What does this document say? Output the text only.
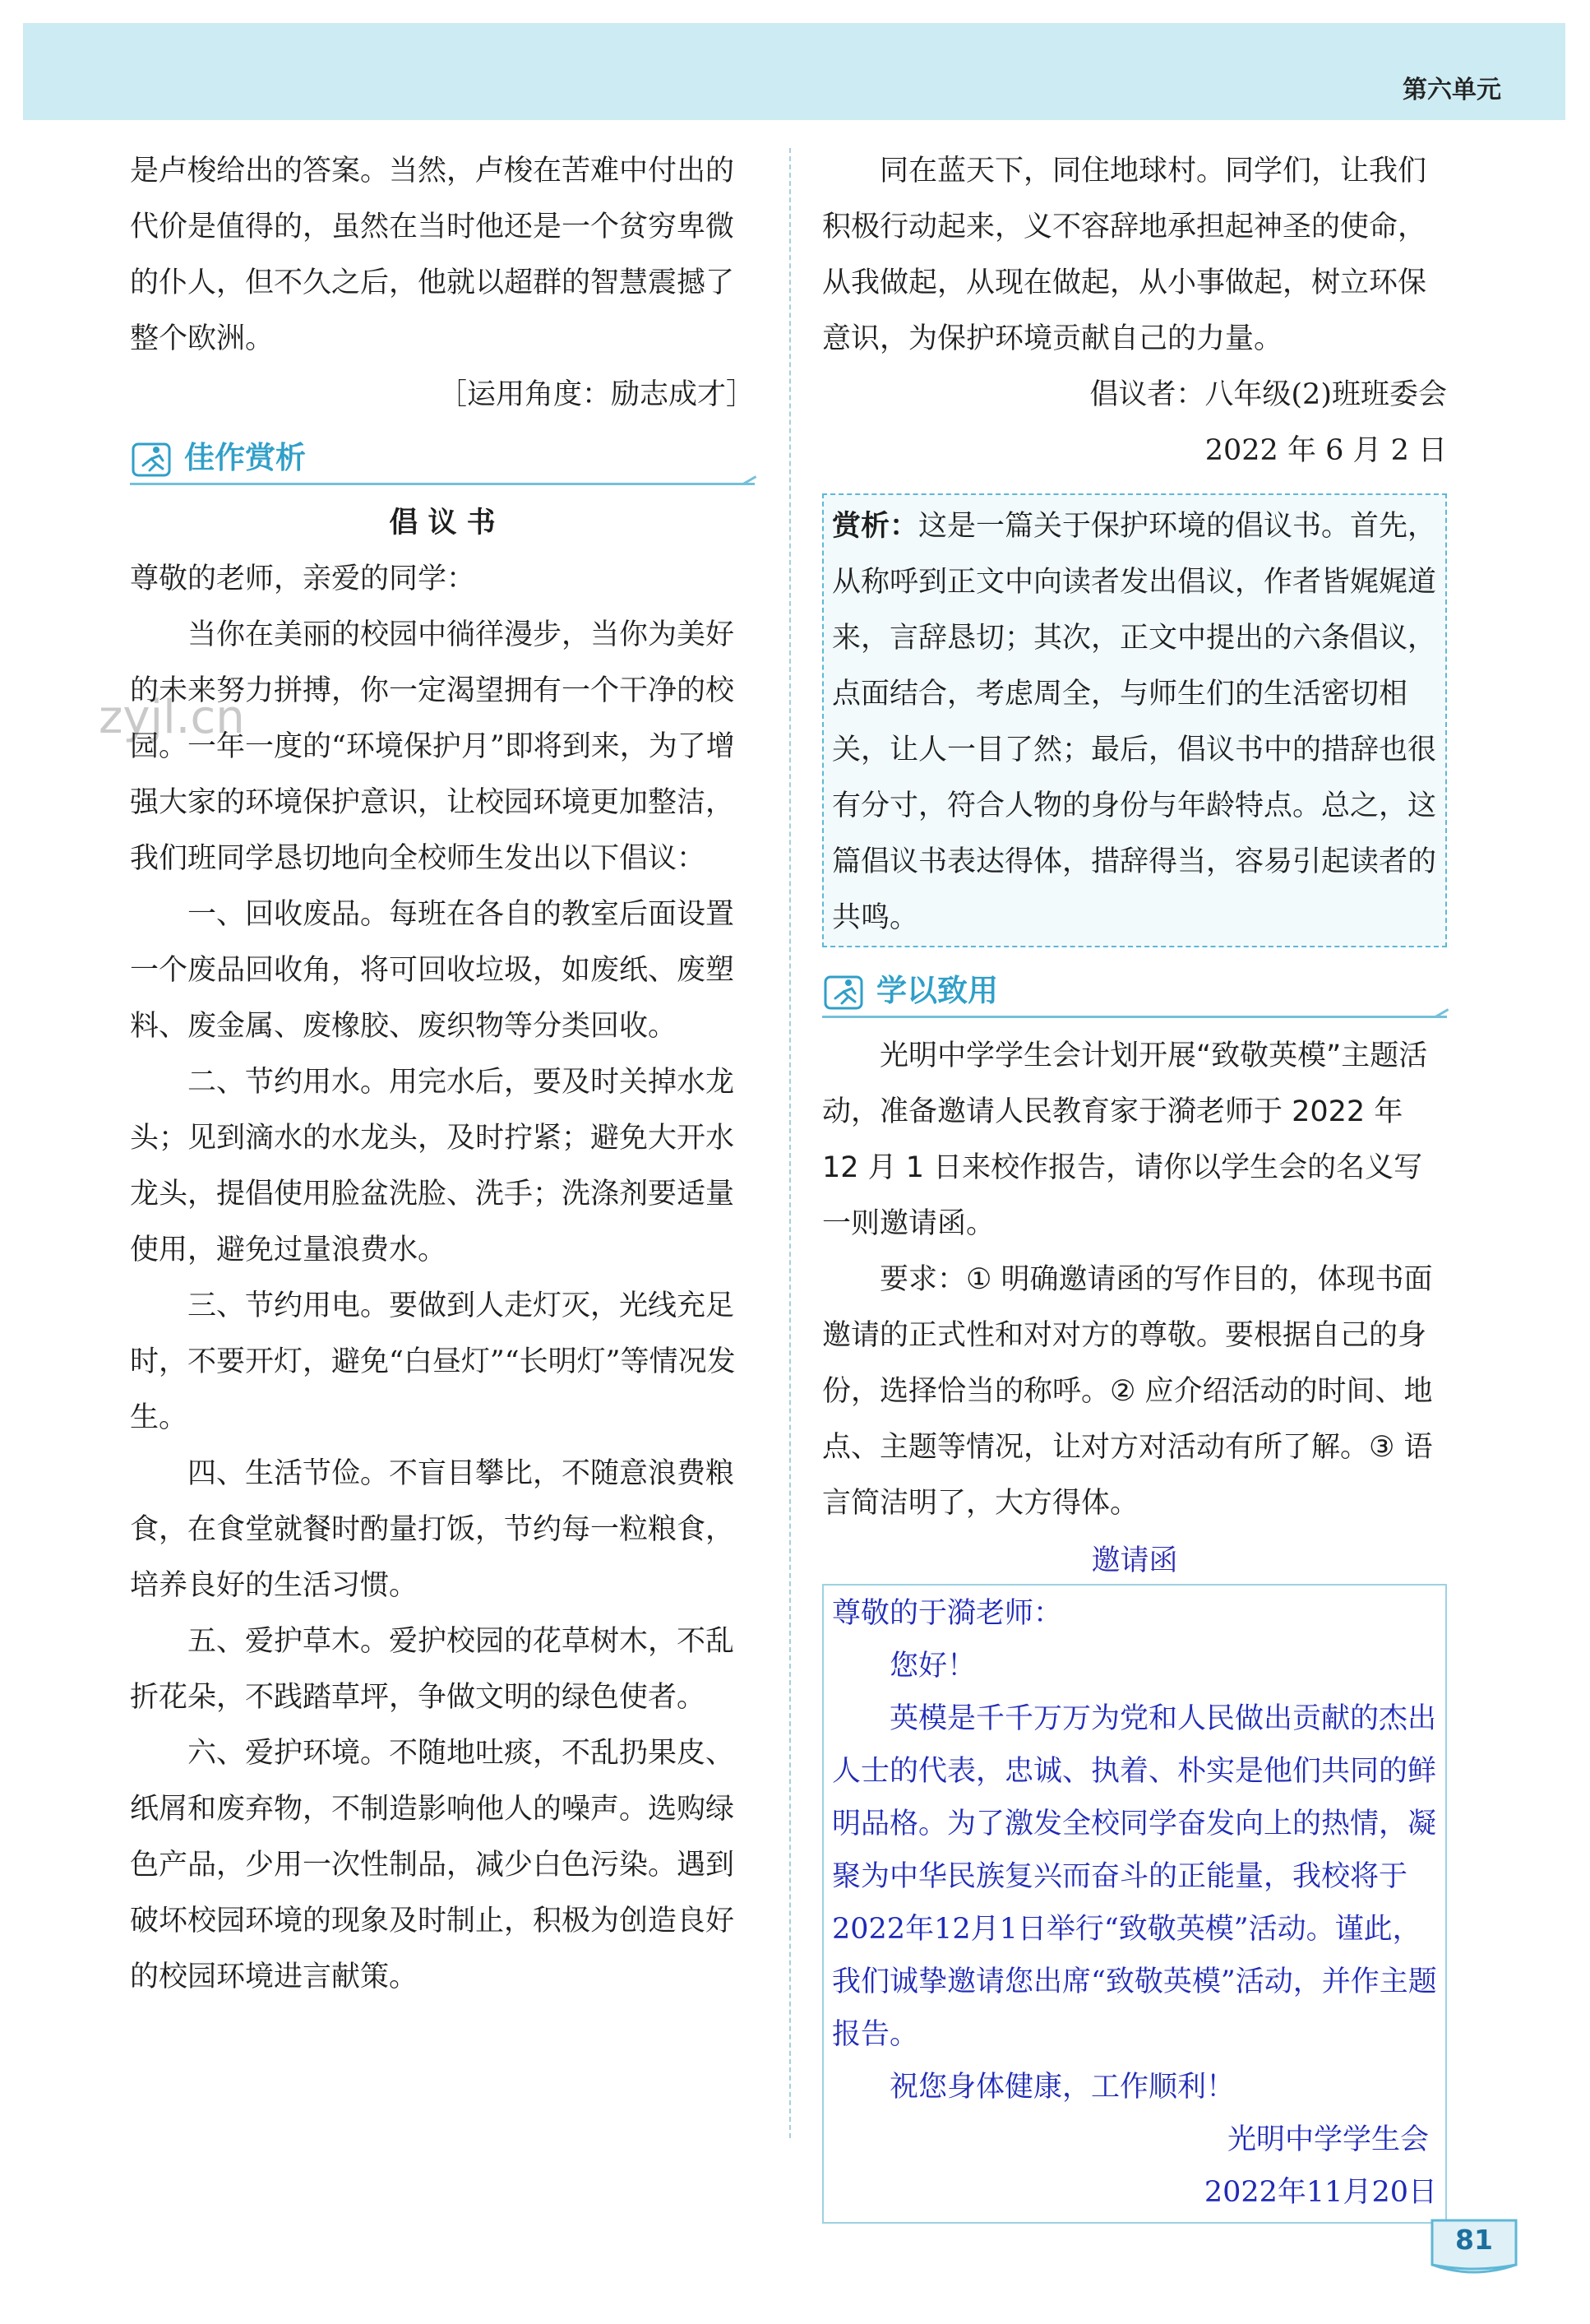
第六单元
zyjl.cn

是卢梭给出的答案。当然，卢梭在苦难中付出的代价是值得的，虽然在当时他还是一个贫穷卑微的仆人，但不久之后，他就以超群的智慧震撼了整个欧洲。

［运用角度：励志成才］

佳作赏析

倡 议 书

尊敬的老师，亲爱的同学：

当你在美丽的校园中徜徉漫步，当你为美好的未来努力拼搏，你一定渴望拥有一个干净的校园。一年一度的“环境保护月”即将到来，为了增强大家的环境保护意识，让校园环境更加整洁，我们班同学恳切地向全校师生发出以下倡议：

一、回收废品。每班在各自的教室后面设置一个废品回收角，将可回收垃圾，如废纸、废塑料、废金属、废橡胶、废织物等分类回收。

二、节约用水。用完水后，要及时关掉水龙头；见到滴水的水龙头，及时拧紧；避免大开水龙头，提倡使用脸盆洗脸、洗手；洗涤剂要适量使用，避免过量浪费水。

三、节约用电。要做到人走灯灭，光线充足时，不要开灯，避免“白昼灯”“长明灯”等情况发生。

四、生活节俭。不盲目攀比，不随意浪费粮食，在食堂就餐时酌量打饭，节约每一粒粮食，培养良好的生活习惯。

五、爱护草木。爱护校园的花草树木，不乱折花朵，不践踏草坪，争做文明的绿色使者。

六、爱护环境。不随地吐痰，不乱扔果皮、纸屑和废弃物，不制造影响他人的噪声。选购绿色产品，少用一次性制品，减少白色污染。遇到破坏校园环境的现象及时制止，积极为创造良好的校园环境进言献策。

同在蓝天下，同住地球村。同学们，让我们积极行动起来，义不容辞地承担起神圣的使命，从我做起，从现在做起，从小事做起，树立环保意识，为保护环境贡献自己的力量。

倡议者：八年级(2)班班委会

2022 年 6 月 2 日

赏析：这是一篇关于保护环境的倡议书。首先，从称呼到正文中向读者发出倡议，作者皆娓娓道来，言辞恳切；其次，正文中提出的六条倡议，点面结合，考虑周全，与师生们的生活密切相关，让人一目了然；最后，倡议书中的措辞也很有分寸，符合人物的身份与年龄特点。总之，这篇倡议书表达得体，措辞得当，容易引起读者的共鸣。

学以致用

光明中学学生会计划开展“致敬英模”主题活动，准备邀请人民教育家于漪老师于 2022 年 12 月 1 日来校作报告，请你以学生会的名义写一则邀请函。

要求：① 明确邀请函的写作目的，体现书面邀请的正式性和对对方的尊敬。要根据自己的身份，选择恰当的称呼。② 应介绍活动的时间、地点、主题等情况，让对方对活动有所了解。③ 语言简洁明了，大方得体。

邀请函

尊敬的于漪老师：

您好！

英模是千千万万为党和人民做出贡献的杰出人士的代表，忠诚、执着、朴实是他们共同的鲜明品格。为了激发全校同学奋发向上的热情，凝聚为中华民族复兴而奋斗的正能量，我校将于2022年12月1日举行“致敬英模”活动。谨此，我们诚挚邀请您出席“致敬英模”活动，并作主题报告。

祝您身体健康，工作顺利！

光明中学学生会

2022年11月20日

81
